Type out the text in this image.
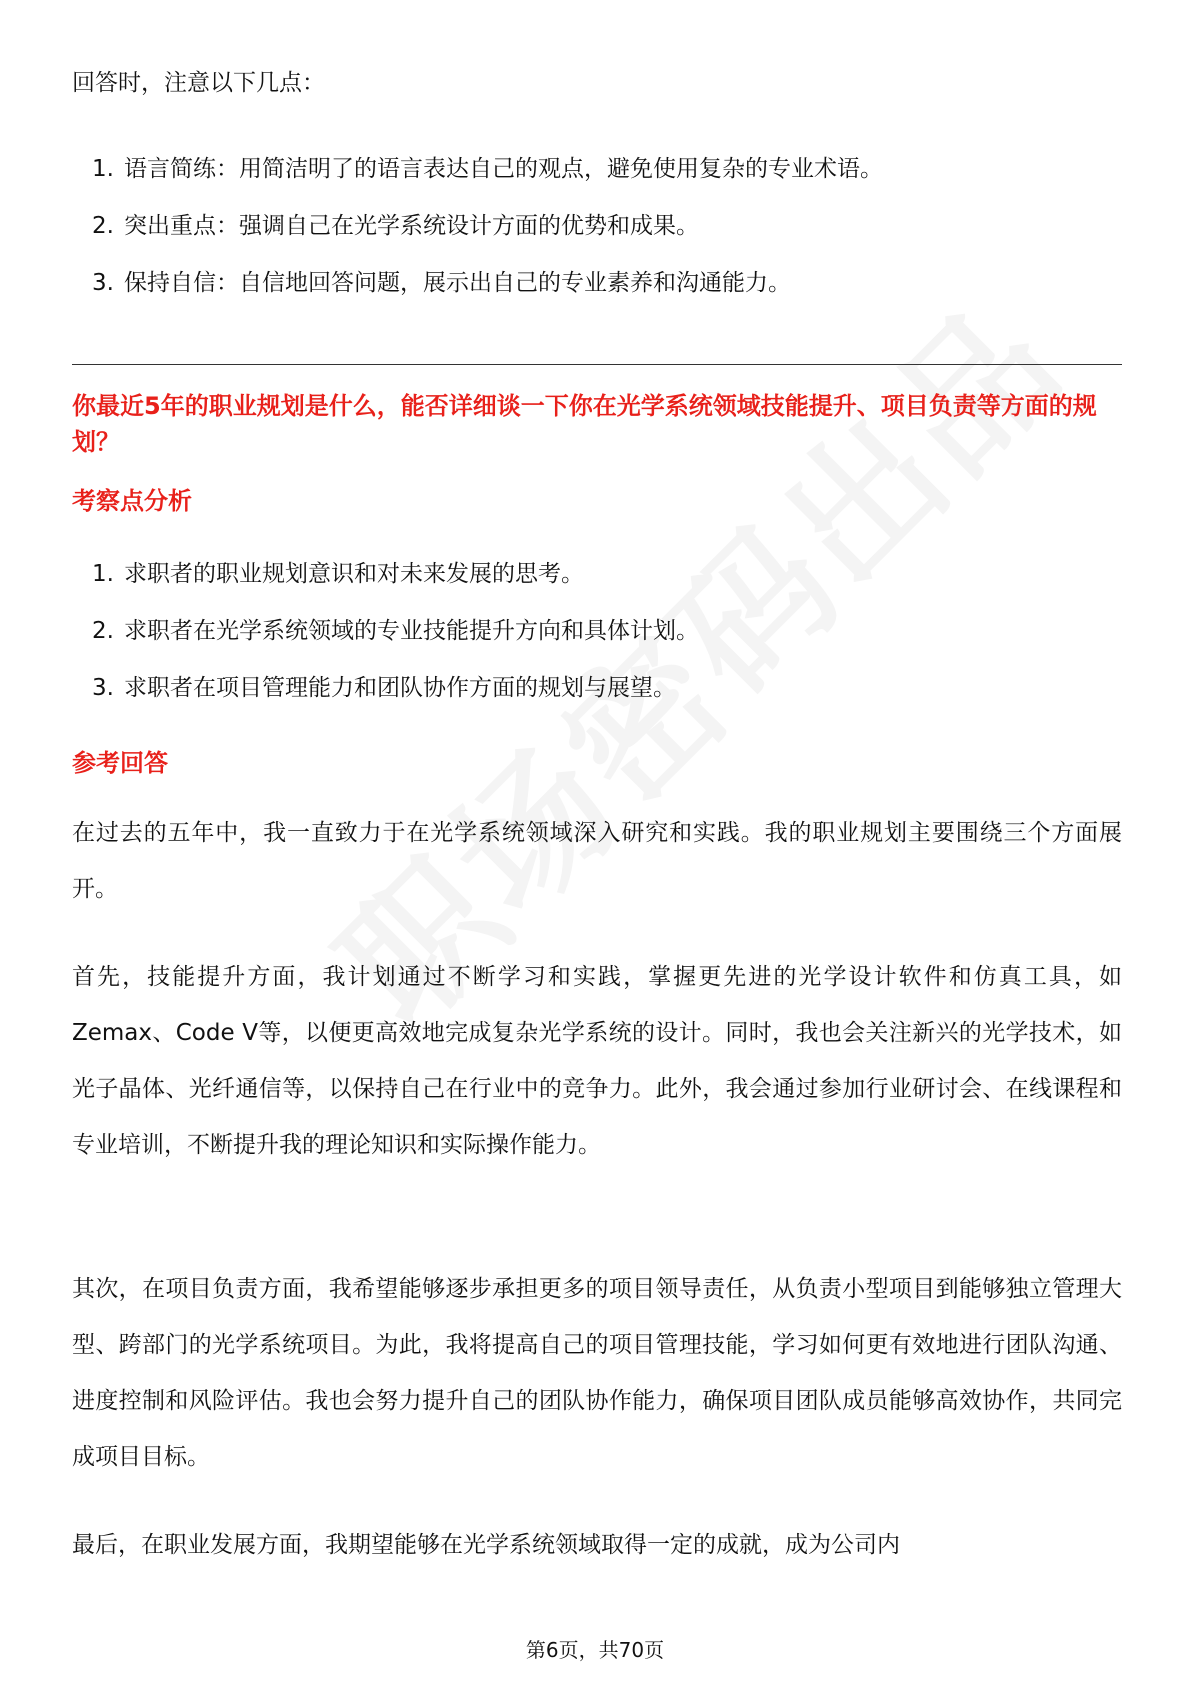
回答时，注意以下几点：
1. 语言简练：用简洁明了的语言表达自己的观点，避免使用复杂的专业术语。
2. 突出重点：强调自己在光学系统设计方面的优势和成果。
3. 保持自信：自信地回答问题，展示出自己的专业素养和沟通能力。
你最近5年的职业规划是什么，能否详细谈一下你在光学系统领域技能提升、项目负责等方面的规划？
考察点分析
1. 求职者的职业规划意识和对未来发展的思考。
2. 求职者在光学系统领域的专业技能提升方向和具体计划。
3. 求职者在项目管理能力和团队协作方面的规划与展望。
参考回答

在过去的五年中，我一直致力于在光学系统领域深入研究和实践。我的职业规划主要围绕三个方面展开。

首先，技能提升方面，我计划通过不断学习和实践，掌握更先进的光学设计软件和仿真工具，如Zemax、Code V等，以便更高效地完成复杂光学系统的设计。同时，我也会关注新兴的光学技术，如光子晶体、光纤通信等，以保持自己在行业中的竞争力。此外，我会通过参加行业研讨会、在线课程和专业培训，不断提升我的理论知识和实际操作能力。

其次，在项目负责方面，我希望能够逐步承担更多的项目领导责任，从负责小型项目到能够独立管理大型、跨部门的光学系统项目。为此，我将提高自己的项目管理技能，学习如何更有效地进行团队沟通、进度控制和风险评估。我也会努力提升自己的团队协作能力，确保项目团队成员能够高效协作，共同完成项目目标。

最后，在职业发展方面，我期望能够在光学系统领域取得一定的成就，成为公司内

第6页，共70页
